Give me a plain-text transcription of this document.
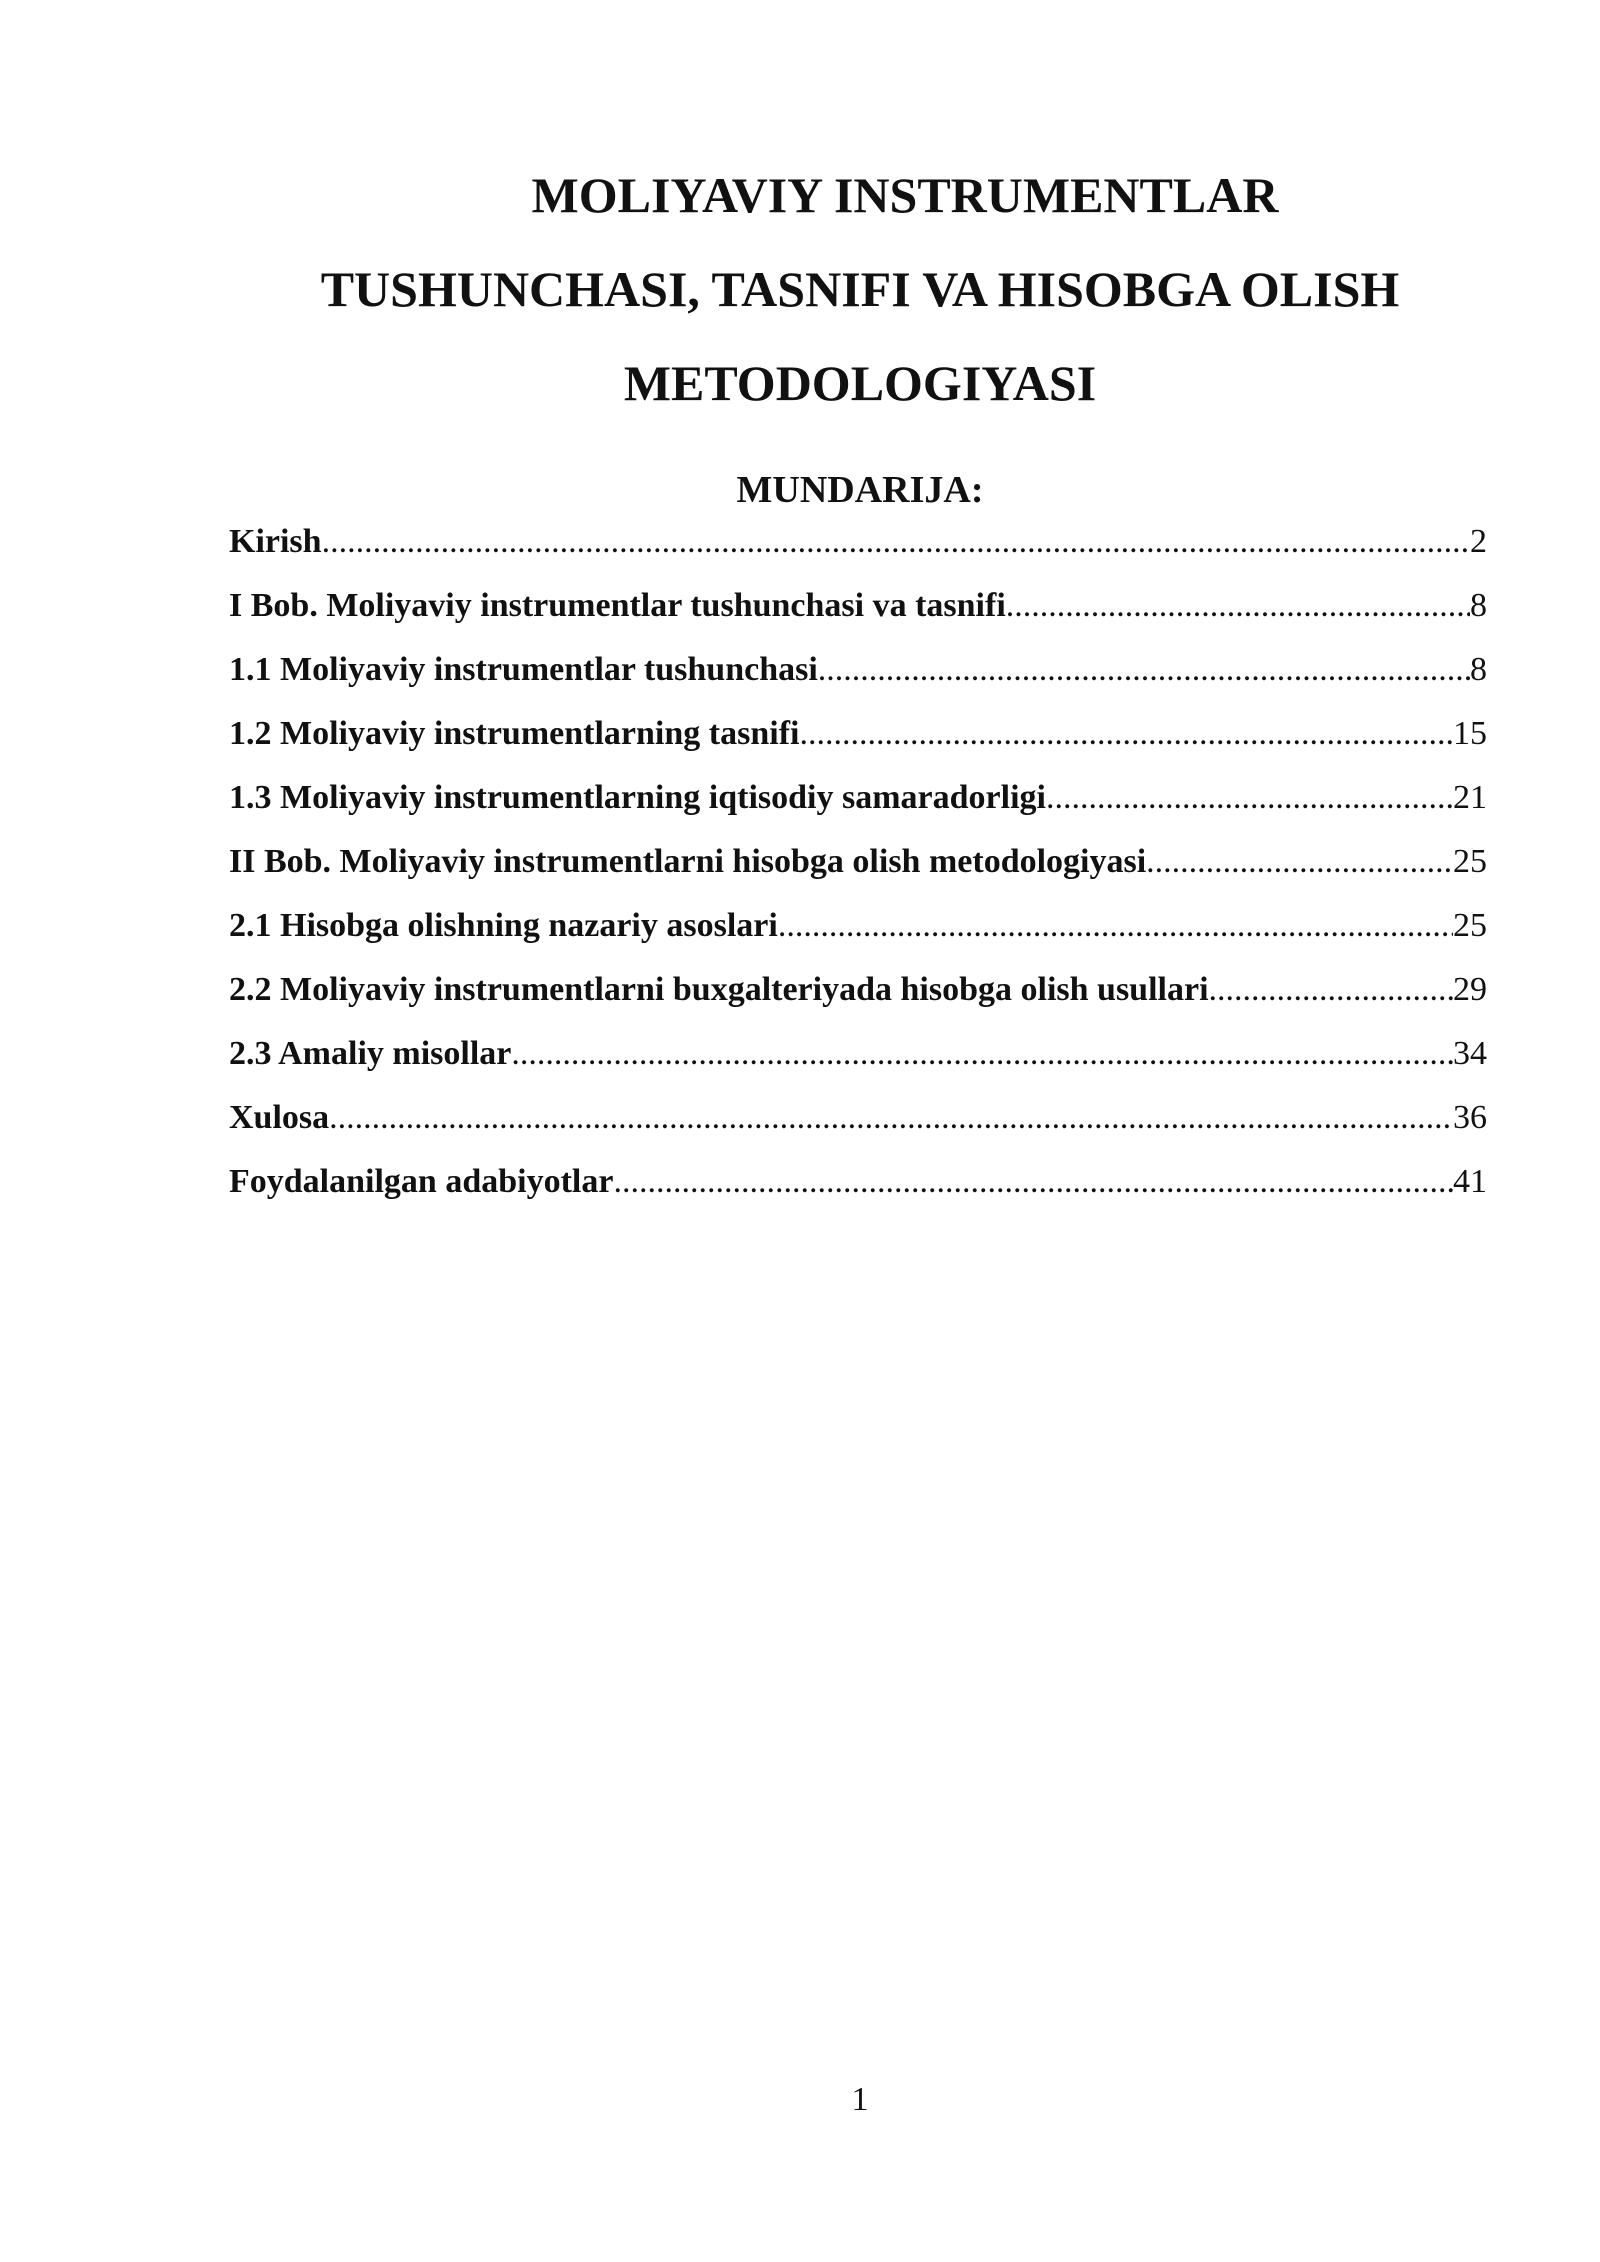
MOLIYAVIY INSTRUMENTLAR
TUSHUNCHASI, TASNIFI VA HISOBGA OLISH
METODOLOGIYASI
MUNDARIJA:
Kirish .....	2
I Bob. Moliyaviy instrumentlar tushunchasi va tasnifi .....	8
1.1 Moliyaviy instrumentlar tushunchasi .....	8
1.2 Moliyaviy instrumentlarning tasnifi .....	15
1.3 Moliyaviy instrumentlarning iqtisodiy samaradorligi .....	21
II Bob. Moliyaviy instrumentlarni hisobga olish metodologiyasi .....	25
2.1 Hisobga olishning nazariy asoslari .....	25
2.2 Moliyaviy instrumentlarni buxgalteriyada hisobga olish usullari .....	29
2.3 Amaliy misollar .....	34
Xulosa .....	36
Foydalanilgan adabiyotlar .....	41
1
